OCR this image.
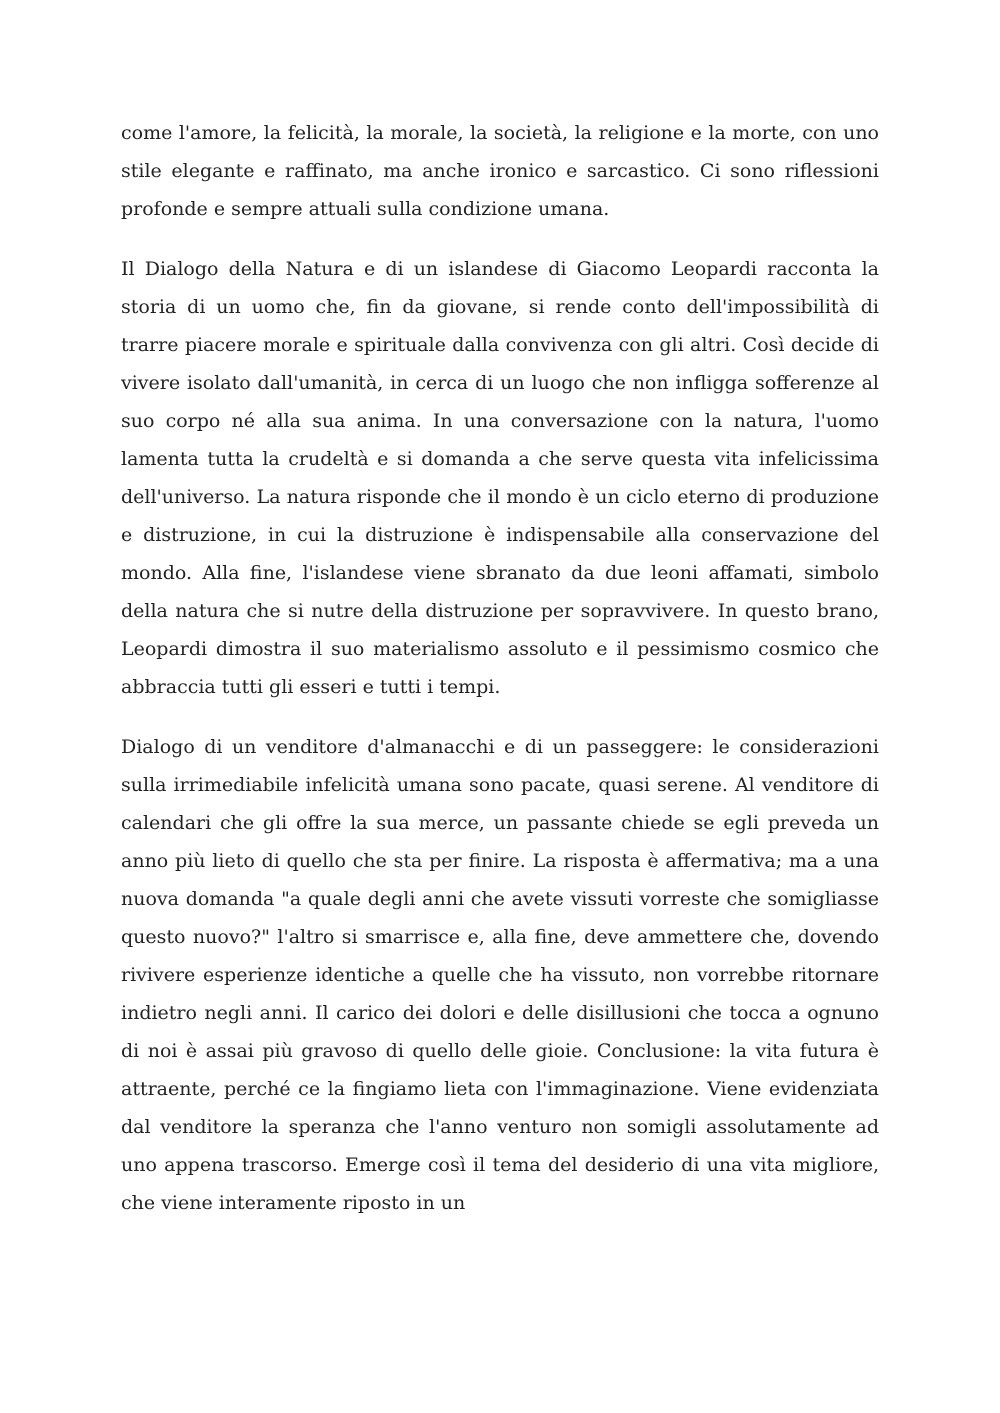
come l'amore, la felicità, la morale, la società, la religione e la morte, con uno stile elegante e raffinato, ma anche ironico e sarcastico. Ci sono riflessioni profonde e sempre attuali sulla condizione umana.

Il Dialogo della Natura e di un islandese di Giacomo Leopardi racconta la storia di un uomo che, fin da giovane, si rende conto dell'impossibilità di trarre piacere morale e spirituale dalla convivenza con gli altri. Così decide di vivere isolato dall'umanità, in cerca di un luogo che non infligga sofferenze al suo corpo né alla sua anima. In una conversazione con la natura, l'uomo lamenta tutta la crudeltà e si domanda a che serve questa vita infelicissima dell'universo. La natura risponde che il mondo è un ciclo eterno di produzione e distruzione, in cui la distruzione è indispensabile alla conservazione del mondo. Alla fine, l'islandese viene sbranato da due leoni affamati, simbolo della natura che si nutre della distruzione per sopravvivere. In questo brano, Leopardi dimostra il suo materialismo assoluto e il pessimismo cosmico che abbraccia tutti gli esseri e tutti i tempi.

Dialogo di un venditore d'almanacchi e di un passeggere: le considerazioni sulla irrimediabile infelicità umana sono pacate, quasi serene. Al venditore di calendari che gli offre la sua merce, un passante chiede se egli preveda un anno più lieto di quello che sta per finire. La risposta è affermativa; ma a una nuova domanda "a quale degli anni che avete vissuti vorreste che somigliasse questo nuovo?" l'altro si smarrisce e, alla fine, deve ammettere che, dovendo rivivere esperienze identiche a quelle che ha vissuto, non vorrebbe ritornare indietro negli anni. Il carico dei dolori e delle disillusioni che tocca a ognuno di noi è assai più gravoso di quello delle gioie. Conclusione: la vita futura è attraente, perché ce la fingiamo lieta con l'immaginazione. Viene evidenziata dal venditore la speranza che l'anno venturo non somigli assolutamente ad uno appena trascorso. Emerge così il tema del desiderio di una vita migliore, che viene interamente riposto in un
